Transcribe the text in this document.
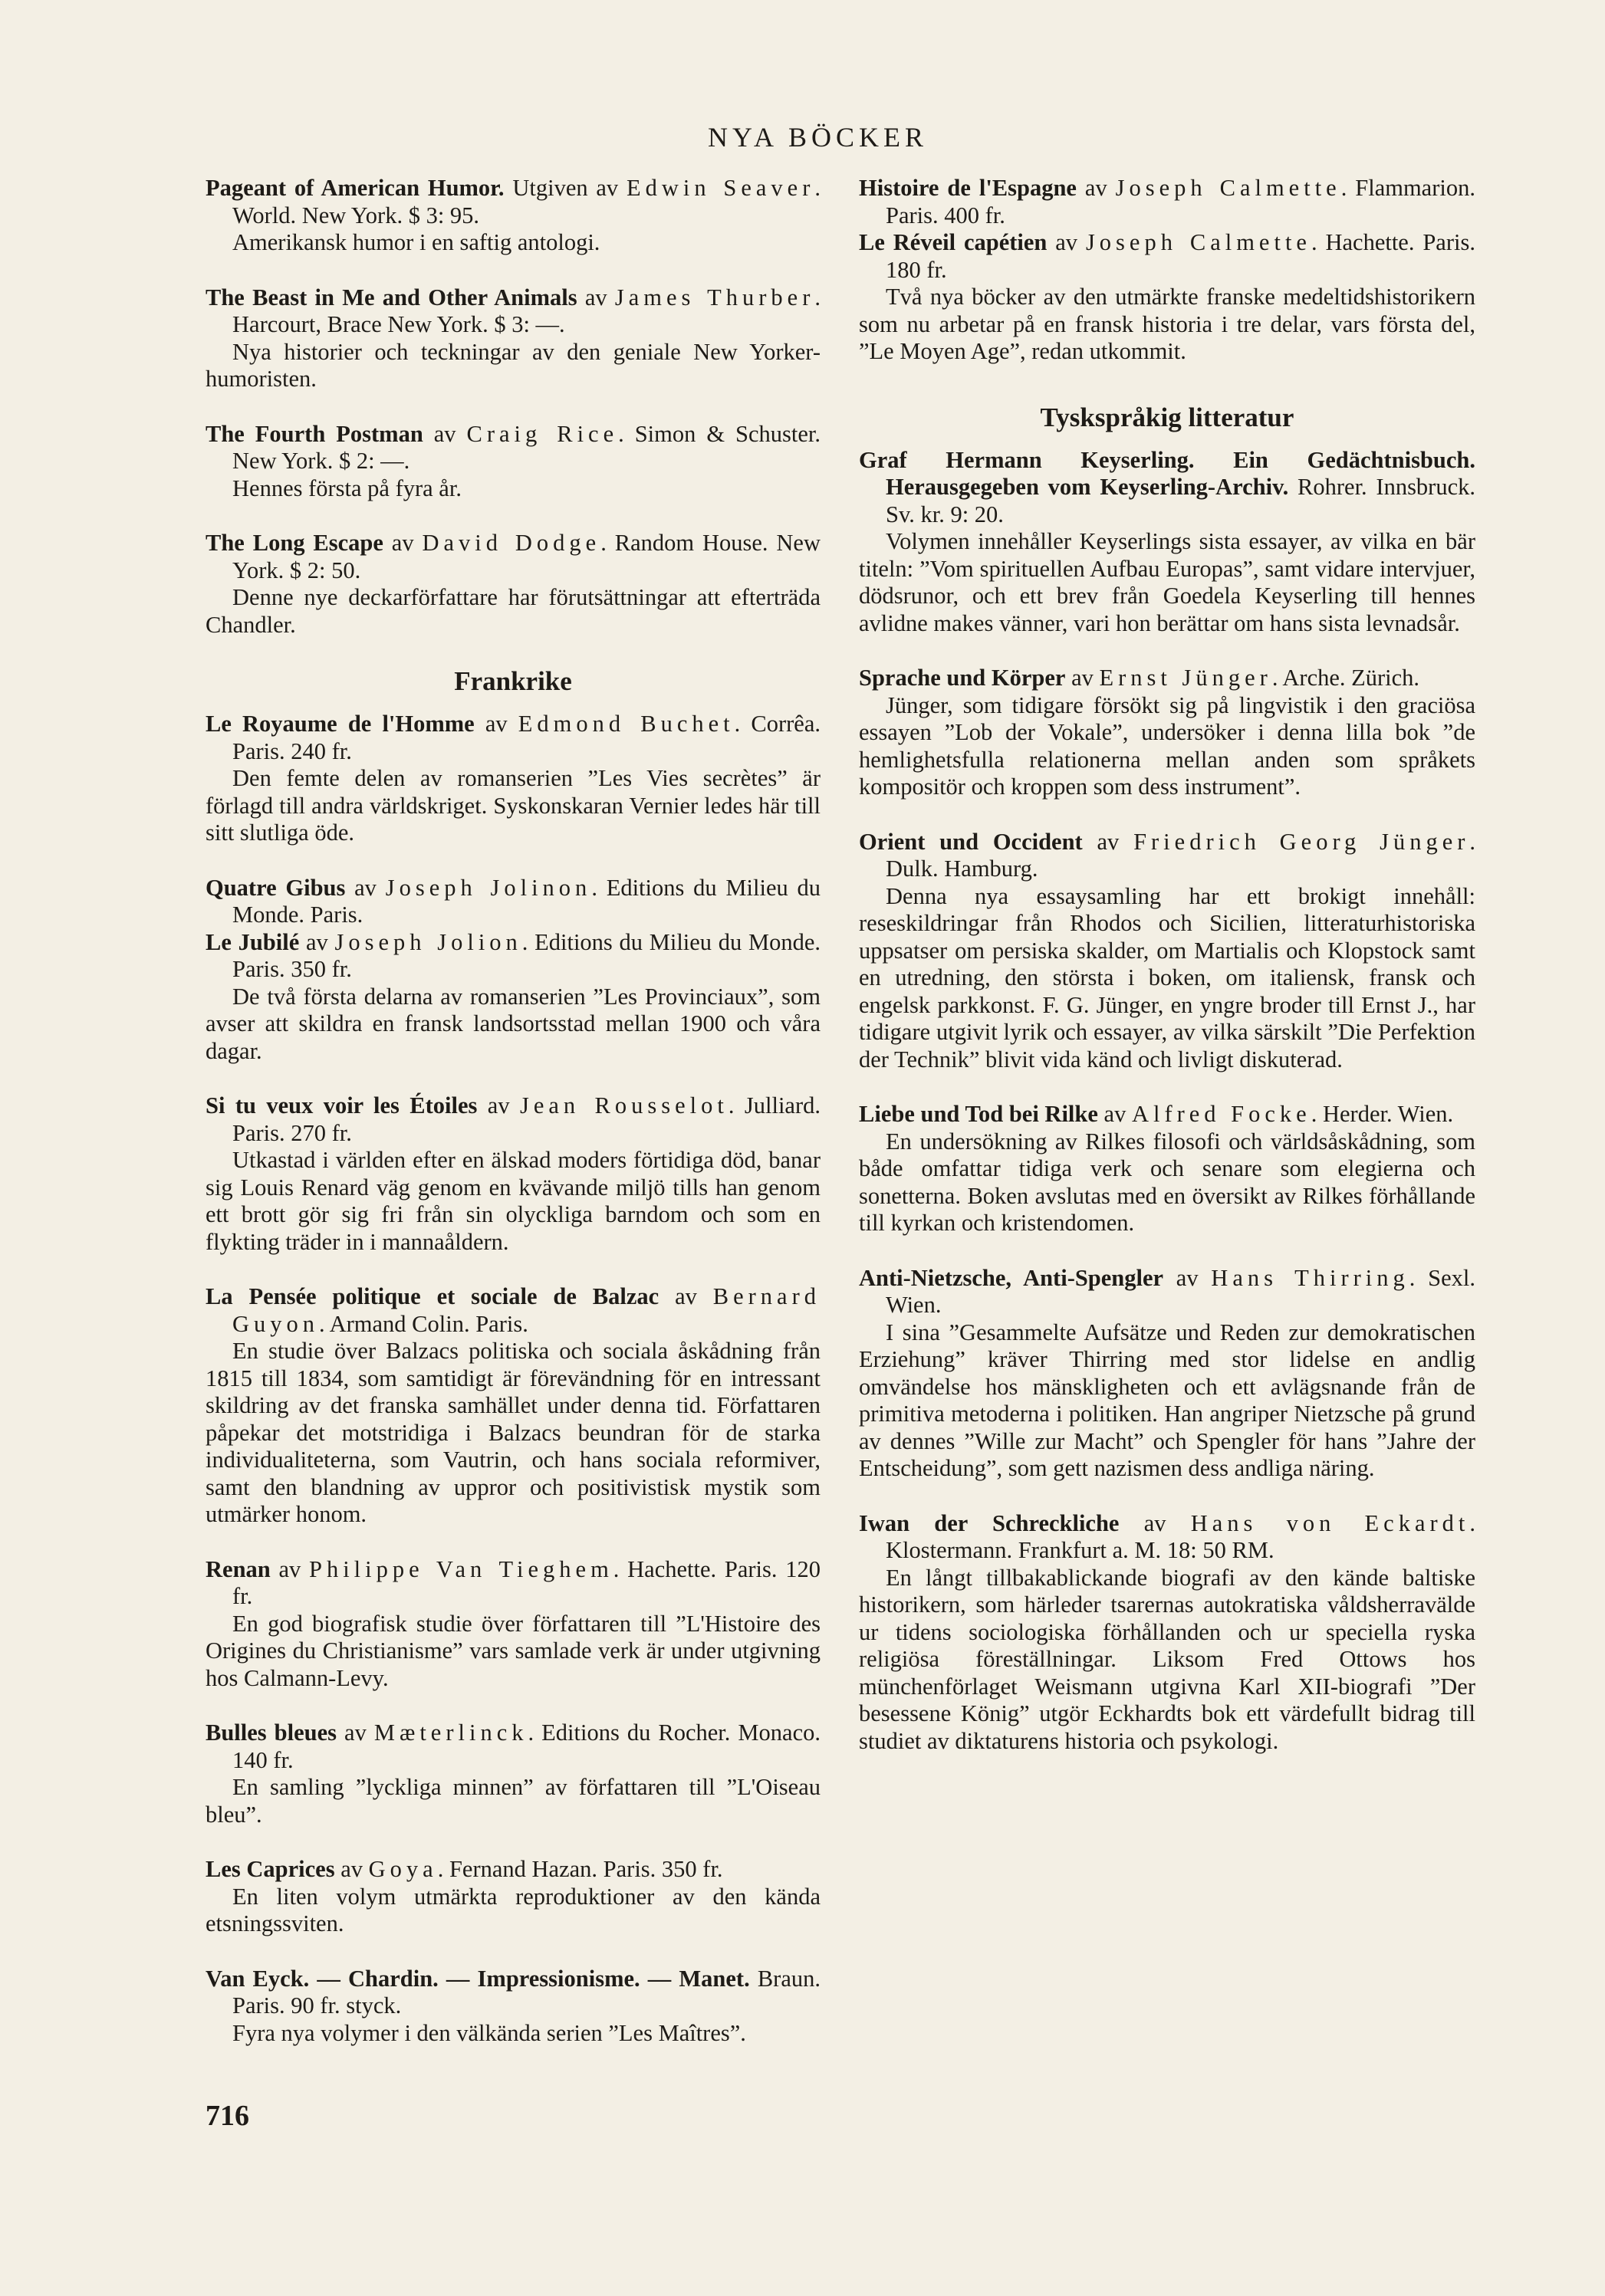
NYA BÖCKER

Pageant of American Humor. Utgiven av Edwin Seaver. World. New York. $ 3: 95.

Amerikansk humor i en saftig antologi.

The Beast in Me and Other Animals av James Thurber. Harcourt, Brace New York. $ 3: —.

Nya historier och teckningar av den geniale New Yorker-humoristen.

The Fourth Postman av Craig Rice. Simon & Schuster. New York. $ 2: —.

Hennes första på fyra år.

The Long Escape av David Dodge. Random House. New York. $ 2: 50.

Denne nye deckarförfattare har förutsättningar att efterträda Chandler.

Frankrike

Le Royaume de l'Homme av Edmond Buchet. Corrêa. Paris. 240 fr.

Den femte delen av romanserien ”Les Vies secrètes” är förlagd till andra världskriget. Syskonskaran Vernier ledes här till sitt slutliga öde.

Quatre Gibus av Joseph Jolinon. Editions du Milieu du Monde. Paris.

Le Jubilé av Joseph Jolion. Editions du Milieu du Monde. Paris. 350 fr.

De två första delarna av romanserien ”Les Provinciaux”, som avser att skildra en fransk landsortsstad mellan 1900 och våra dagar.

Si tu veux voir les Étoiles av Jean Rousselot. Julliard. Paris. 270 fr.

Utkastad i världen efter en älskad moders förtidiga död, banar sig Louis Renard väg genom en kvävande miljö tills han genom ett brott gör sig fri från sin olyckliga barndom och som en flykting träder in i mannaåldern.

La Pensée politique et sociale de Balzac av Bernard Guyon. Armand Colin. Paris.

En studie över Balzacs politiska och sociala åskådning från 1815 till 1834, som samtidigt är förevändning för en intressant skildring av det franska samhället under denna tid. Författaren påpekar det motstridiga i Balzacs beundran för de starka individualiteterna, som Vautrin, och hans sociala reformiver, samt den blandning av uppror och positivistisk mystik som utmärker honom.

Renan av Philippe Van Tieghem. Hachette. Paris. 120 fr.

En god biografisk studie över författaren till ”L'Histoire des Origines du Christianisme” vars samlade verk är under utgivning hos Calmann-Levy.

Bulles bleues av Mæterlinck. Editions du Rocher. Monaco. 140 fr.

En samling ”lyckliga minnen” av författaren till ”L'Oiseau bleu”.

Les Caprices av Goya. Fernand Hazan. Paris. 350 fr.

En liten volym utmärkta reproduktioner av den kända etsningssviten.

Van Eyck. — Chardin. — Impressionisme. — Manet. Braun. Paris. 90 fr. styck.

Fyra nya volymer i den välkända serien ”Les Maîtres”.

Histoire de l'Espagne av Joseph Calmette. Flammarion. Paris. 400 fr.

Le Réveil capétien av Joseph Calmette. Hachette. Paris. 180 fr.

Två nya böcker av den utmärkte franske medeltidshistorikern som nu arbetar på en fransk historia i tre delar, vars första del, ”Le Moyen Age”, redan utkommit.

Tyskspråkig litteratur

Graf Hermann Keyserling. Ein Gedächtnisbuch. Herausgegeben vom Keyserling-Archiv. Rohrer. Innsbruck. Sv. kr. 9: 20.

Volymen innehåller Keyserlings sista essayer, av vilka en bär titeln: ”Vom spirituellen Aufbau Europas”, samt vidare intervjuer, dödsrunor, och ett brev från Goedela Keyserling till hennes avlidne makes vänner, vari hon berättar om hans sista levnadsår.

Sprache und Körper av Ernst Jünger. Arche. Zürich.

Jünger, som tidigare försökt sig på lingvistik i den graciösa essayen ”Lob der Vokale”, undersöker i denna lilla bok ”de hemlighetsfulla relationerna mellan anden som språkets kompositör och kroppen som dess instrument”.

Orient und Occident av Friedrich Georg Jünger. Dulk. Hamburg.

Denna nya essaysamling har ett brokigt innehåll: reseskildringar från Rhodos och Sicilien, litteraturhistoriska uppsatser om persiska skalder, om Martialis och Klopstock samt en utredning, den största i boken, om italiensk, fransk och engelsk parkkonst. F. G. Jünger, en yngre broder till Ernst J., har tidigare utgivit lyrik och essayer, av vilka särskilt ”Die Perfektion der Technik” blivit vida känd och livligt diskuterad.

Liebe und Tod bei Rilke av Alfred Focke. Herder. Wien.

En undersökning av Rilkes filosofi och världsåskådning, som både omfattar tidiga verk och senare som elegierna och sonetterna. Boken avslutas med en översikt av Rilkes förhållande till kyrkan och kristendomen.

Anti-Nietzsche, Anti-Spengler av Hans Thirring. Sexl. Wien.

I sina ”Gesammelte Aufsätze und Reden zur demokratischen Erziehung” kräver Thirring med stor lidelse en andlig omvändelse hos mänskligheten och ett avlägsnande från de primitiva metoderna i politiken. Han angriper Nietzsche på grund av dennes ”Wille zur Macht” och Spengler för hans ”Jahre der Entscheidung”, som gett nazismen dess andliga näring.

Iwan der Schreckliche av Hans von Eckardt. Klostermann. Frankfurt a. M. 18: 50 RM.

En långt tillbakablickande biografi av den kände baltiske historikern, som härleder tsarernas autokratiska våldsherravälde ur tidens sociologiska förhållanden och ur speciella ryska religiösa föreställningar. Liksom Fred Ottows hos münchenförlaget Weismann utgivna Karl XII-biografi ”Der besessene König” utgör Eckhardts bok ett värdefullt bidrag till studiet av diktaturens historia och psykologi.

716
